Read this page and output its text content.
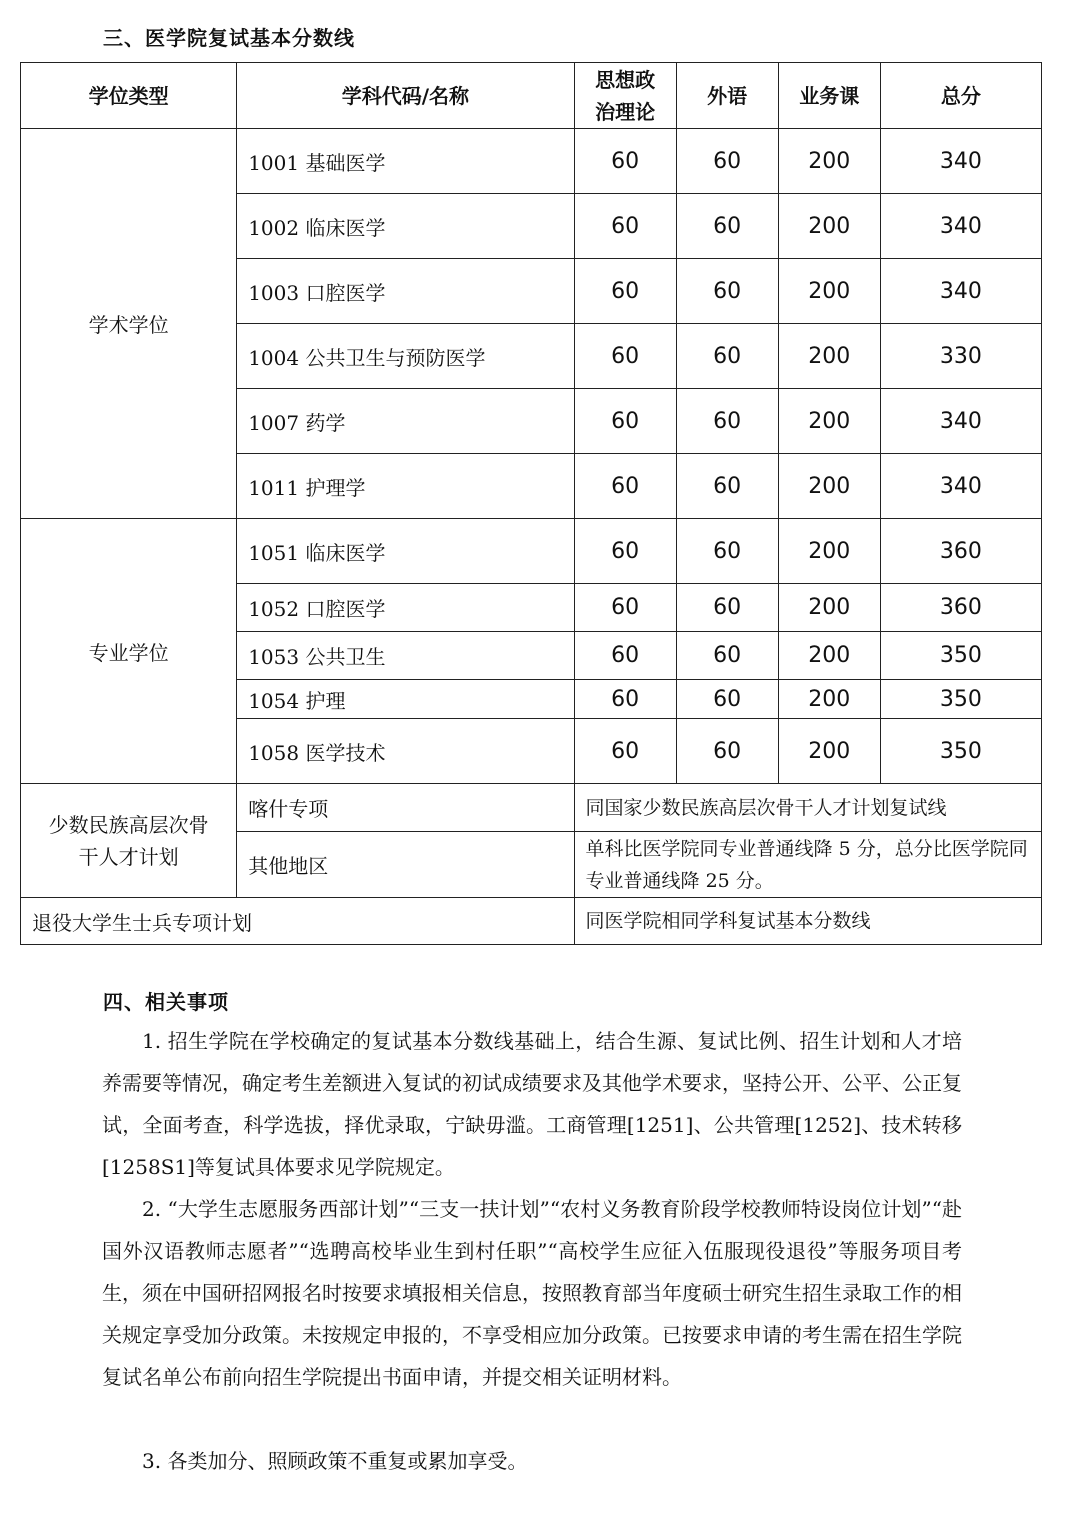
三、医学院复试基本分数线
学位类型	学科代码/名称	思想政治理论	外语	业务课	总分
学术学位	1001 基础医学	60	60	200	340
	1002 临床医学	60	60	200	340
	1003 口腔医学	60	60	200	340
	1004 公共卫生与预防医学	60	60	200	330
	1007 药学	60	60	200	340
	1011 护理学	60	60	200	340
专业学位	1051 临床医学	60	60	200	360
	1052 口腔医学	60	60	200	360
	1053 公共卫生	60	60	200	350
	1054 护理	60	60	200	350
	1058 医学技术	60	60	200	350
少数民族高层次骨干人才计划	喀什专项	同国家少数民族高层次骨干人才计划复试线			
	其他地区	单科比医学院同专业普通线降 5 分，总分比医学院同专业普通线降 25 分。			
退役大学生士兵专项计划		同医学院相同学科复试基本分数线			
四、相关事项
1. 招生学院在学校确定的复试基本分数线基础上，结合生源、复试比例、招生计划和人才培养需要等情况，确定考生差额进入复试的初试成绩要求及其他学术要求，坚持公开、公平、公正复试，全面考查，科学选拔，择优录取，宁缺毋滥。工商管理[1251]、公共管理[1252]、技术转移[1258S1]等复试具体要求见学院规定。
2. “大学生志愿服务西部计划”“三支一扶计划”“农村义务教育阶段学校教师特设岗位计划”“赴国外汉语教师志愿者”“选聘高校毕业生到村任职”“高校学生应征入伍服现役退役”等服务项目考生，须在中国研招网报名时按要求填报相关信息，按照教育部当年度硕士研究生招生录取工作的相关规定享受加分政策。未按规定申报的，不享受相应加分政策。已按要求申请的考生需在招生学院复试名单公布前向招生学院提出书面申请，并提交相关证明材料。
3. 各类加分、照顾政策不重复或累加享受。
